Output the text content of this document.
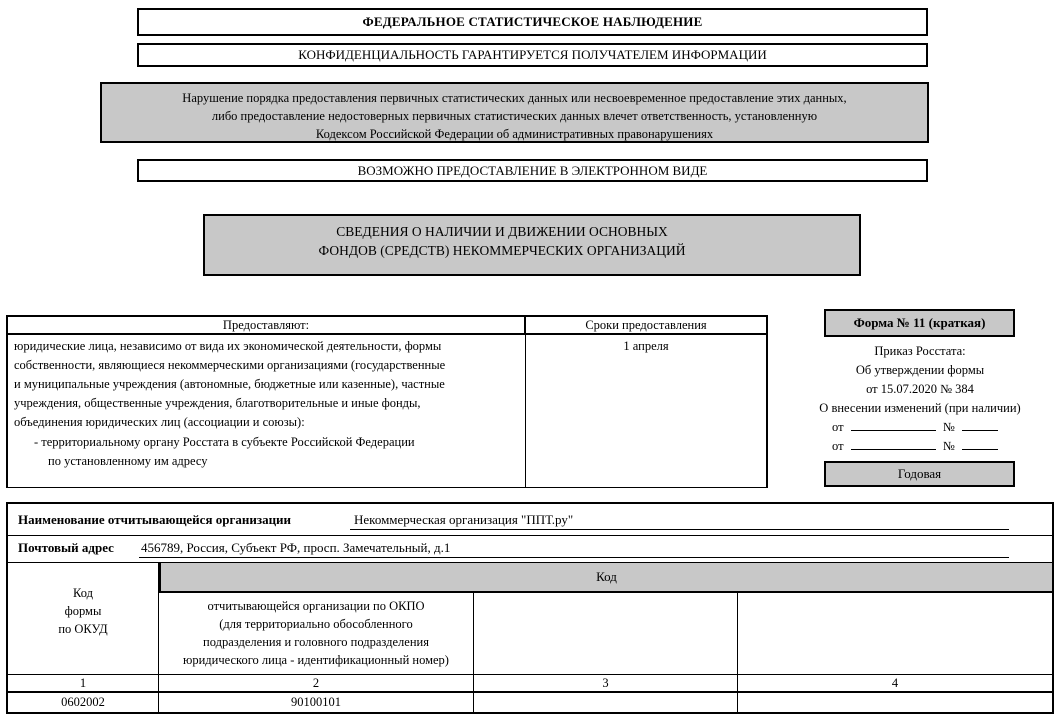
ФЕДЕРАЛЬНОЕ СТАТИСТИЧЕСКОЕ НАБЛЮДЕНИЕ
КОНФИДЕНЦИАЛЬНОСТЬ ГАРАНТИРУЕТСЯ ПОЛУЧАТЕЛЕМ ИНФОРМАЦИИ
Нарушение порядка предоставления первичных статистических данных или несвоевременное предоставление этих данных,
либо предоставление недостоверных первичных статистических данных влечет ответственность, установленную
Кодексом Российской Федерации об административных правонарушениях
ВОЗМОЖНО ПРЕДОСТАВЛЕНИЕ В ЭЛЕКТРОННОМ ВИДЕ
СВЕДЕНИЯ О НАЛИЧИИ И ДВИЖЕНИИ ОСНОВНЫХ
ФОНДОВ (СРЕДСТВ) НЕКОММЕРЧЕСКИХ ОРГАНИЗАЦИЙ
Предоставляют:	Сроки предоставления
юридические лица, независимо от вида их экономической деятельности, формы
собственности, являющиеся некоммерческими организациями (государственные
и муниципальные учреждения (автономные, бюджетные или казенные), частные
учреждения, общественные учреждения, благотворительные и иные фонды,
объединения юридических лиц (ассоциации и союзы):
- территориальному органу Росстата в субъекте Российской Федерации
по установленному им адресу
1 апреля
Форма № 11 (краткая)
Приказ Росстата:
Об утверждении формы
от 15.07.2020 № 384
О внесении изменений (при наличии)
от	№
от	№
Годовая
Наименование отчитывающейся организации	Некоммерческая организация "ППТ.ру"
Почтовый адрес 456789, Россия, Субъект РФ, просп. Замечательный, д.1
Код
формы
по ОКУД
Код
отчитывающейся организации по ОКПО
(для территориально обособленного
подразделения и головного подразделения
юридического лица - идентификационный номер)
1	2	3	4
0602002	90100101
